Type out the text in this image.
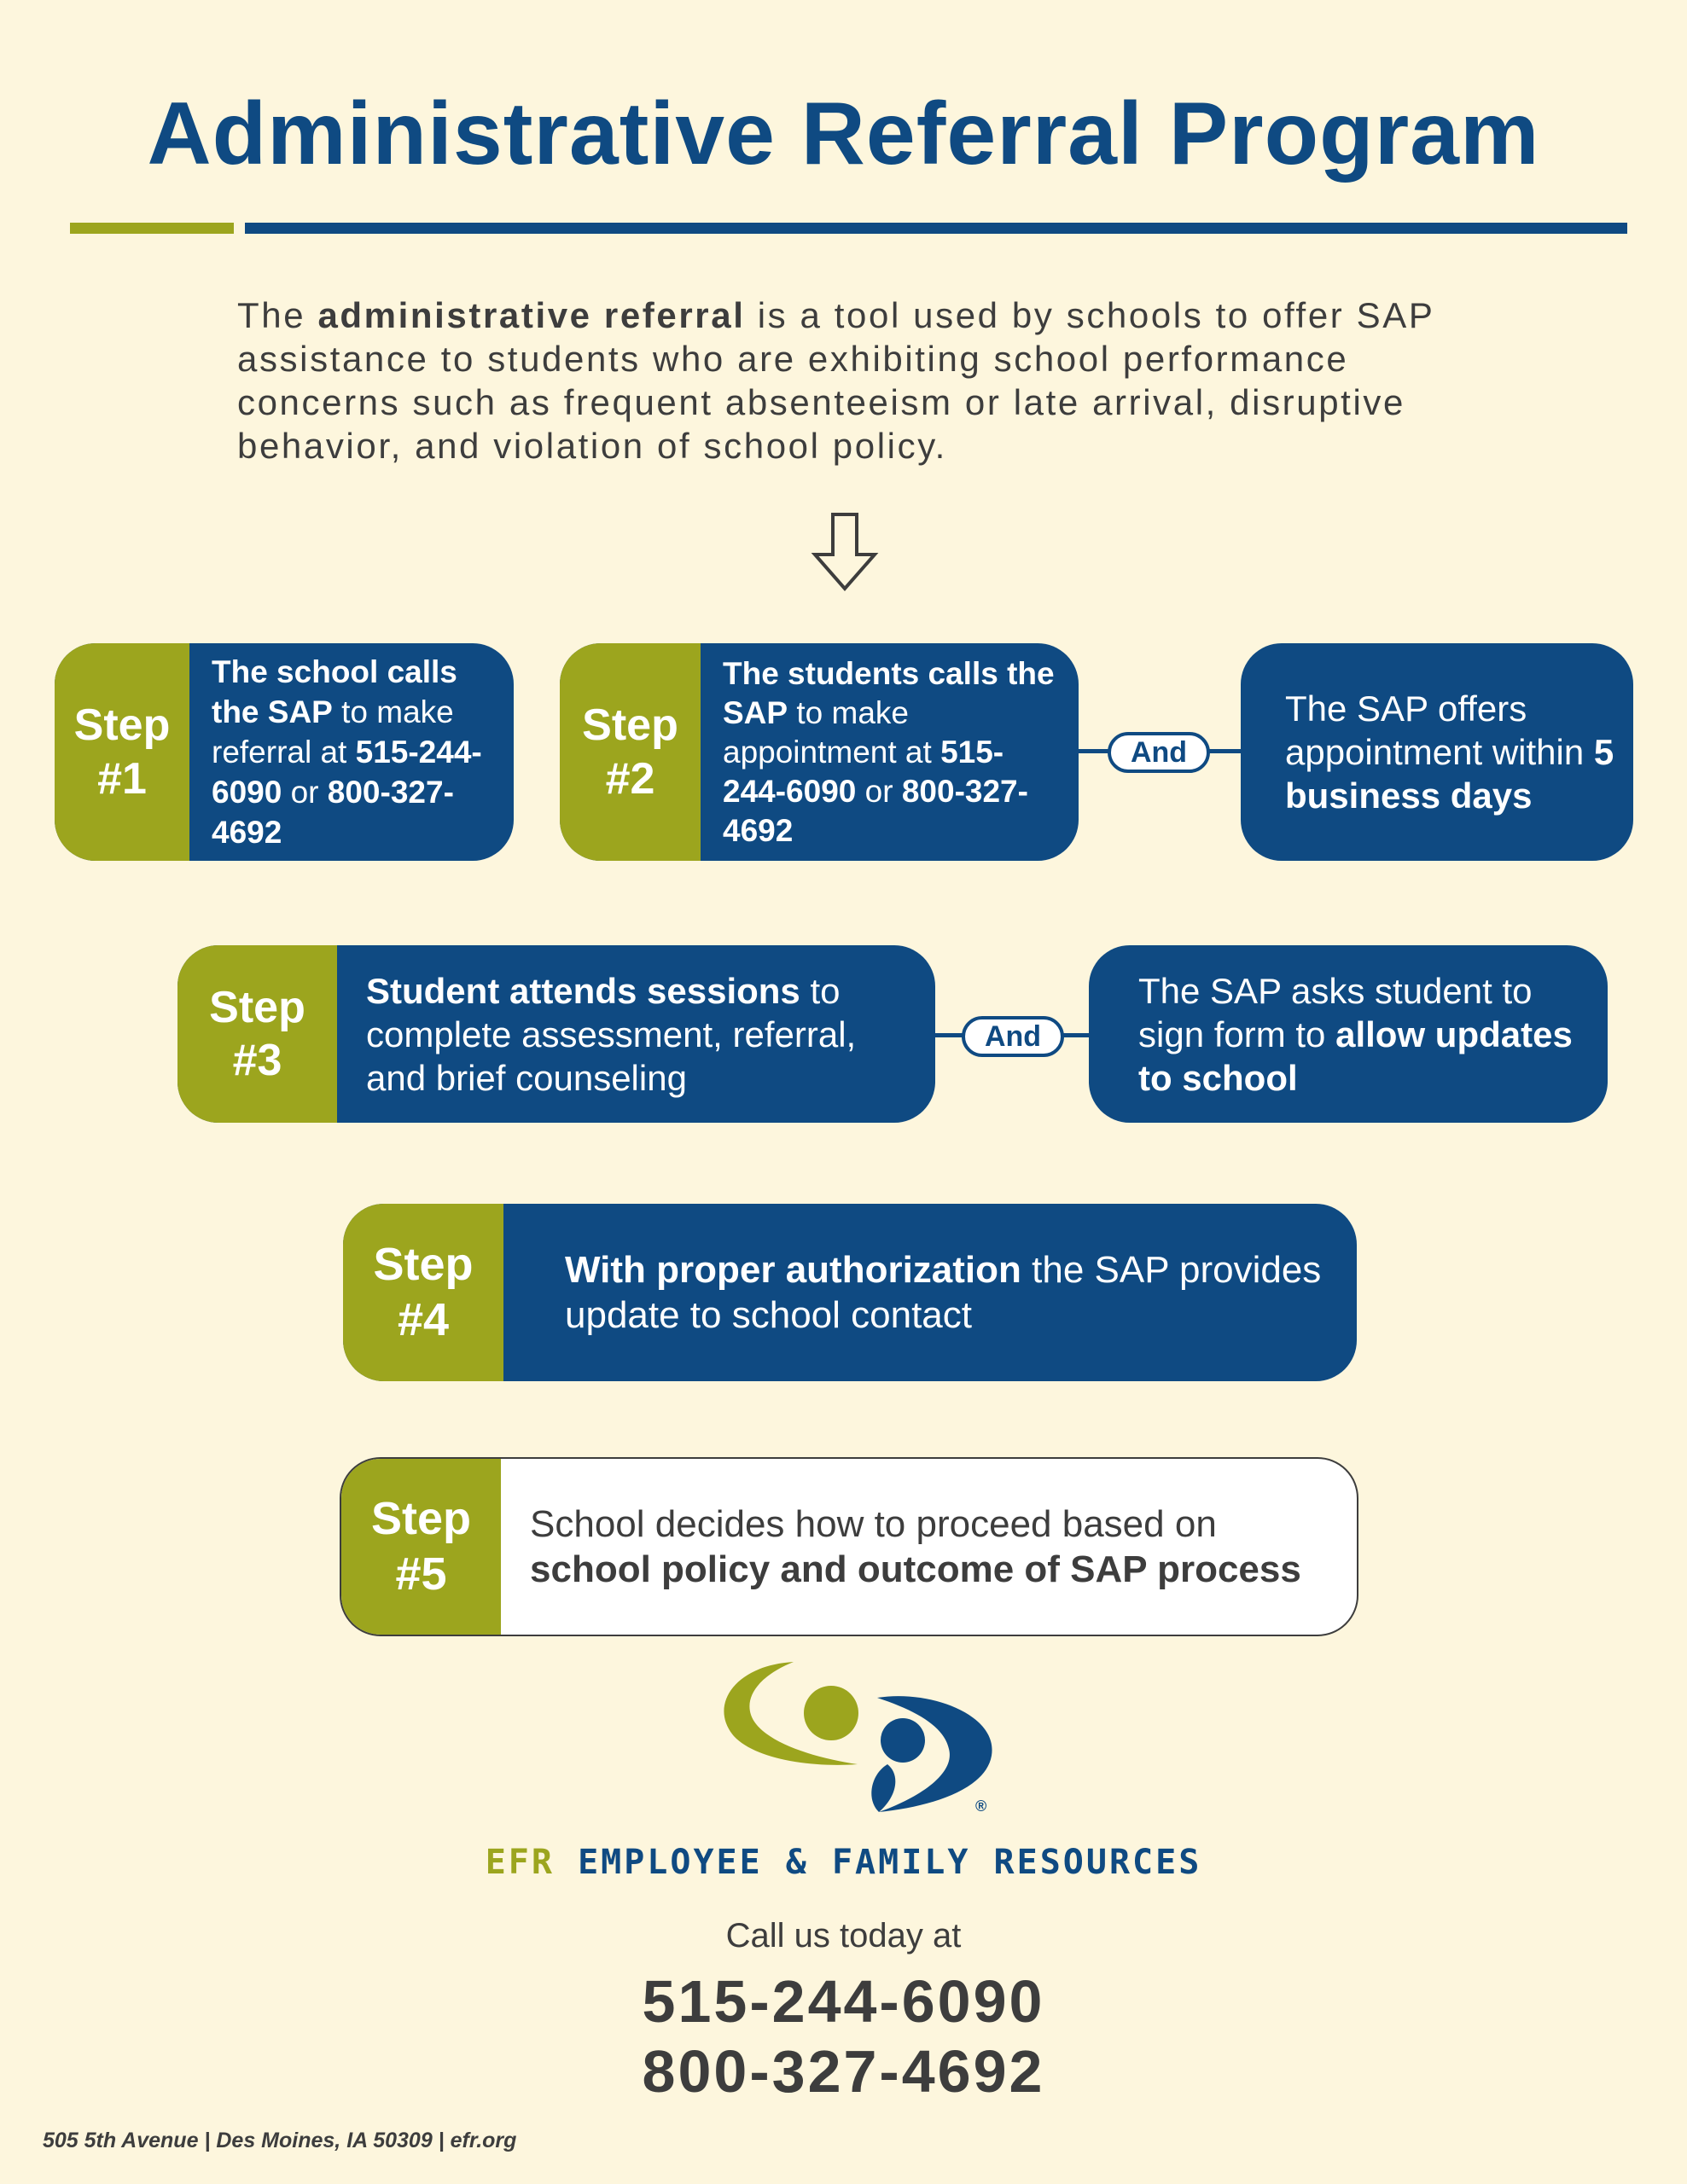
Administrative Referral Program

The administrative referral is a tool used by schools to offer SAP assistance to students who are exhibiting school performance concerns such as frequent absenteeism or late arrival, disruptive behavior, and violation of school policy.

Step
#1
The school calls the SAP to make referral at 515-244-6090 or 800-327-4692
Step
#2
The students calls the SAP to make appointment at 515-244-6090 or 800-327-4692
And
The SAP offers appointment within 5 business days
Step
#3
Student attends sessions to complete assessment, referral, and brief counseling
And
The SAP asks student to sign form to allow updates to school
Step
#4
With proper authorization the SAP provides update to school contact
Step
#5
School decides how to proceed based on school policy and outcome of SAP process
®
EFR EMPLOYEE & FAMILY RESOURCES
Call us today at
515-244-6090
800-327-4692
505 5th Avenue | Des Moines, IA 50309 | efr.org
